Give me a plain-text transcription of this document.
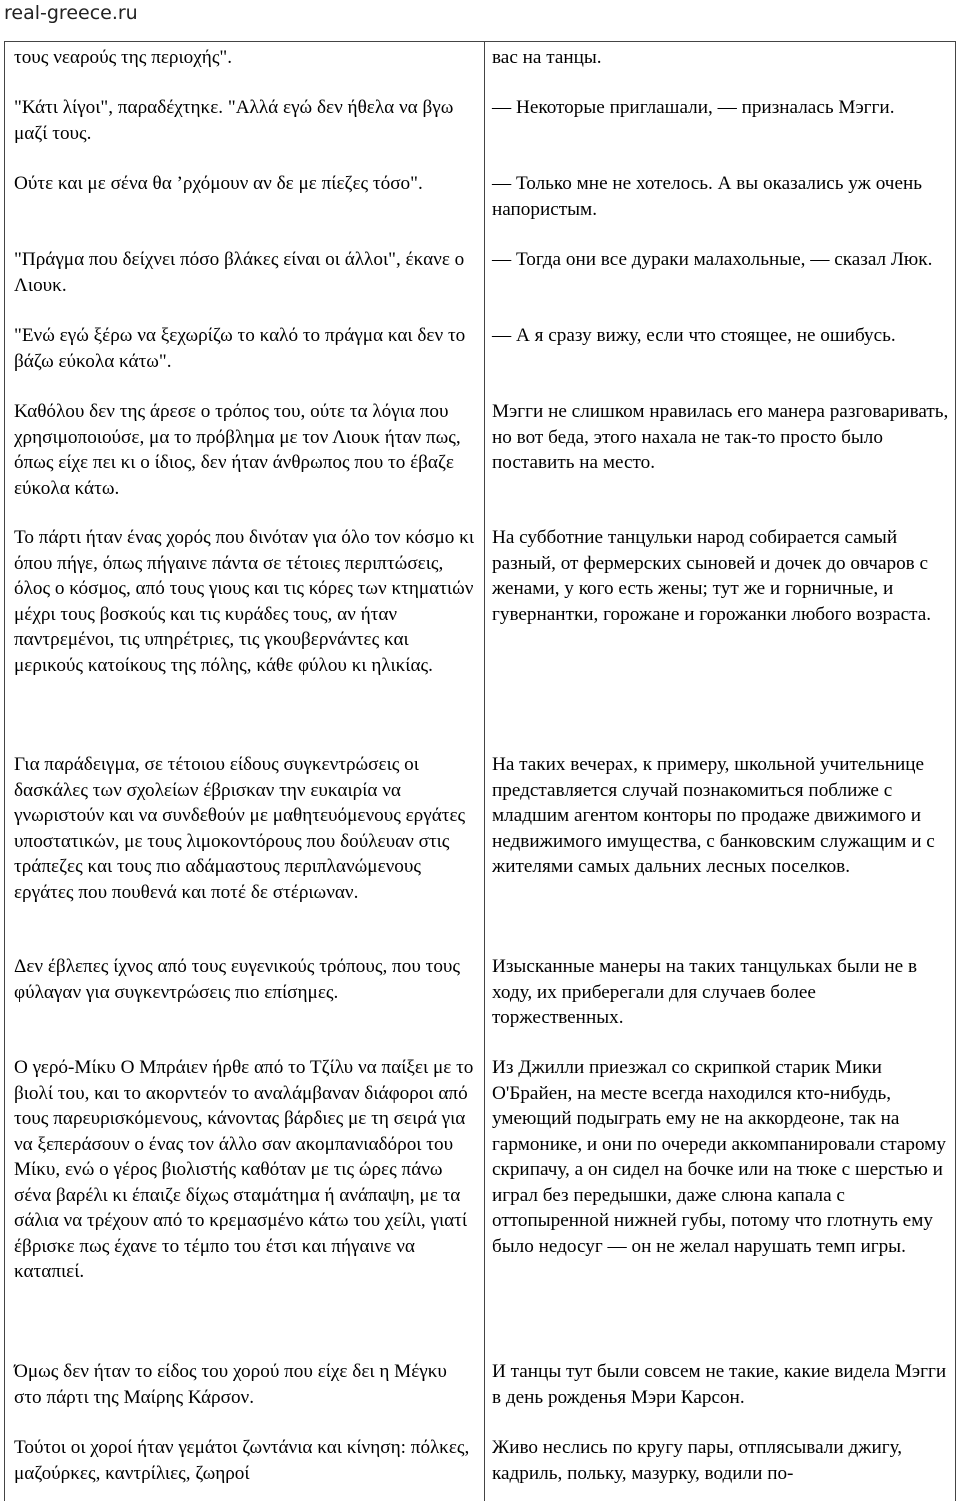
real-greece.ru

τους νεαρούς της περιοχής".

"Κάτι λίγοι", παραδέχτηκε. "Αλλά εγώ δεν ήθελα να βγω μαζί τους.

Ούτε και με σένα θα ’ρχόμουν αν δε με πίεζες τόσο".

"Πράγμα που δείχνει πόσο βλάκες είναι οι άλλοι", έκανε ο Λιουκ.

"Ενώ εγώ ξέρω να ξεχωρίζω το καλό το πράγμα και δεν το βάζω εύκολα κάτω".

Καθόλου δεν της άρεσε ο τρόπος του, ούτε τα λόγια που χρησιμοποιούσε, μα το πρόβλημα με τον Λιουκ ήταν πως, όπως είχε πει κι ο ίδιος, δεν ήταν άνθρωπος που το έβαζε εύκολα κάτω.

Το πάρτι ήταν ένας χορός που δινόταν για όλο τον κόσμο κι όπου πήγε, όπως πήγαινε πάντα σε τέτοιες περιπτώσεις, όλος ο κόσμος, από τους γιους και τις κόρες των κτηματιών μέχρι τους βοσκούς και τις κυράδες τους, αν ήταν παντρεμένοι, τις υπηρέτριες, τις γκουβερνάντες και μερικούς κατοίκους της πόλης, κάθε φύλου κι ηλικίας.

Για παράδειγμα, σε τέτοιου είδους συγκεντρώσεις οι δασκάλες των σχολείων έβρισκαν την ευκαιρία να γνωριστούν και να συνδεθούν με μαθητευόμενους εργάτες υποστατικών, με τους λιμοκοντόρους που δούλευαν στις τράπεζες και τους πιο αδάμαστους περιπλανώμενους εργάτες που πουθενά και ποτέ δε στέριωναν.

Δεν έβλεπες ίχνος από τους ευγενικούς τρόπους, που τους φύλαγαν για συγκεντρώσεις πιο επίσημες.

Ο γερό-Μίκυ Ο Μπράιεν ήρθε από το Τζίλυ να παίξει με το βιολί του, και το ακορντεόν το αναλάμβαναν διάφοροι από τους παρευρισκόμενους, κάνοντας βάρδιες με τη σειρά για να ξεπεράσουν ο ένας τον άλλο σαν ακομπανιαδόροι του Μίκυ, ενώ ο γέρος βιολιστής καθόταν με τις ώρες πάνω σένα βαρέλι κι έπαιζε δίχως σταμάτημα ή ανάπαψη, με τα σάλια να τρέχουν από το κρεμασμένο κάτω του χείλι, γιατί έβρισκε πως έχανε το τέμπο του έτσι και πήγαινε να καταπιεί.

Όμως δεν ήταν το είδος του χορού που είχε δει η Μέγκυ στο πάρτι της Μαίρης Κάρσον.

Τούτοι οι χοροί ήταν γεμάτοι ζωντάνια και κίνηση: πόλκες, μαζούρκες, καντρίλιες, ζωηροί

вас на танцы.

— Некоторые приглашали, — призналась Мэгги.

— Только мне не хотелось. А вы оказались уж очень напористым.

— Тогда они все дураки малахольные, — сказал Люк.

— А я сразу вижу, если что стоящее, не ошибусь.

Мэгги не слишком нравилась его манера разговаривать, но вот беда, этого нахала не так-то просто было поставить на место.

На субботние танцульки народ собирается самый разный, от фермерских сыновей и дочек до овчаров с женами, у кого есть жены; тут же и горничные, и гувернантки, горожане и горожанки любого возраста.

На таких вечерах, к примеру, школьной учительнице представляется случай познакомиться поближе с младшим агентом конторы по продаже движимого и недвижимого имущества, с банковским служащим и с жителями самых дальних лесных поселков.

Изысканные манеры на таких танцульках были не в ходу, их приберегали для случаев более торжественных.

Из Джилли приезжал со скрипкой старик Мики О'Брайен, на месте всегда находился кто-нибудь, умеющий подыграть ему не на аккордеоне, так на гармонике, и они по очереди аккомпанировали старому скрипачу, а он сидел на бочке или на тюке с шерстью и играл без передышки, даже слюна капала с оттопыренной нижней губы, потому что глотнуть ему было недосуг — он не желал нарушать темп игры.

И танцы тут были совсем не такие, какие видела Мэгги в день рожденья Мэри Карсон.

Живо неслись по кругу пары, отплясывали джигу, кадриль, польку, мазурку, водили по-
